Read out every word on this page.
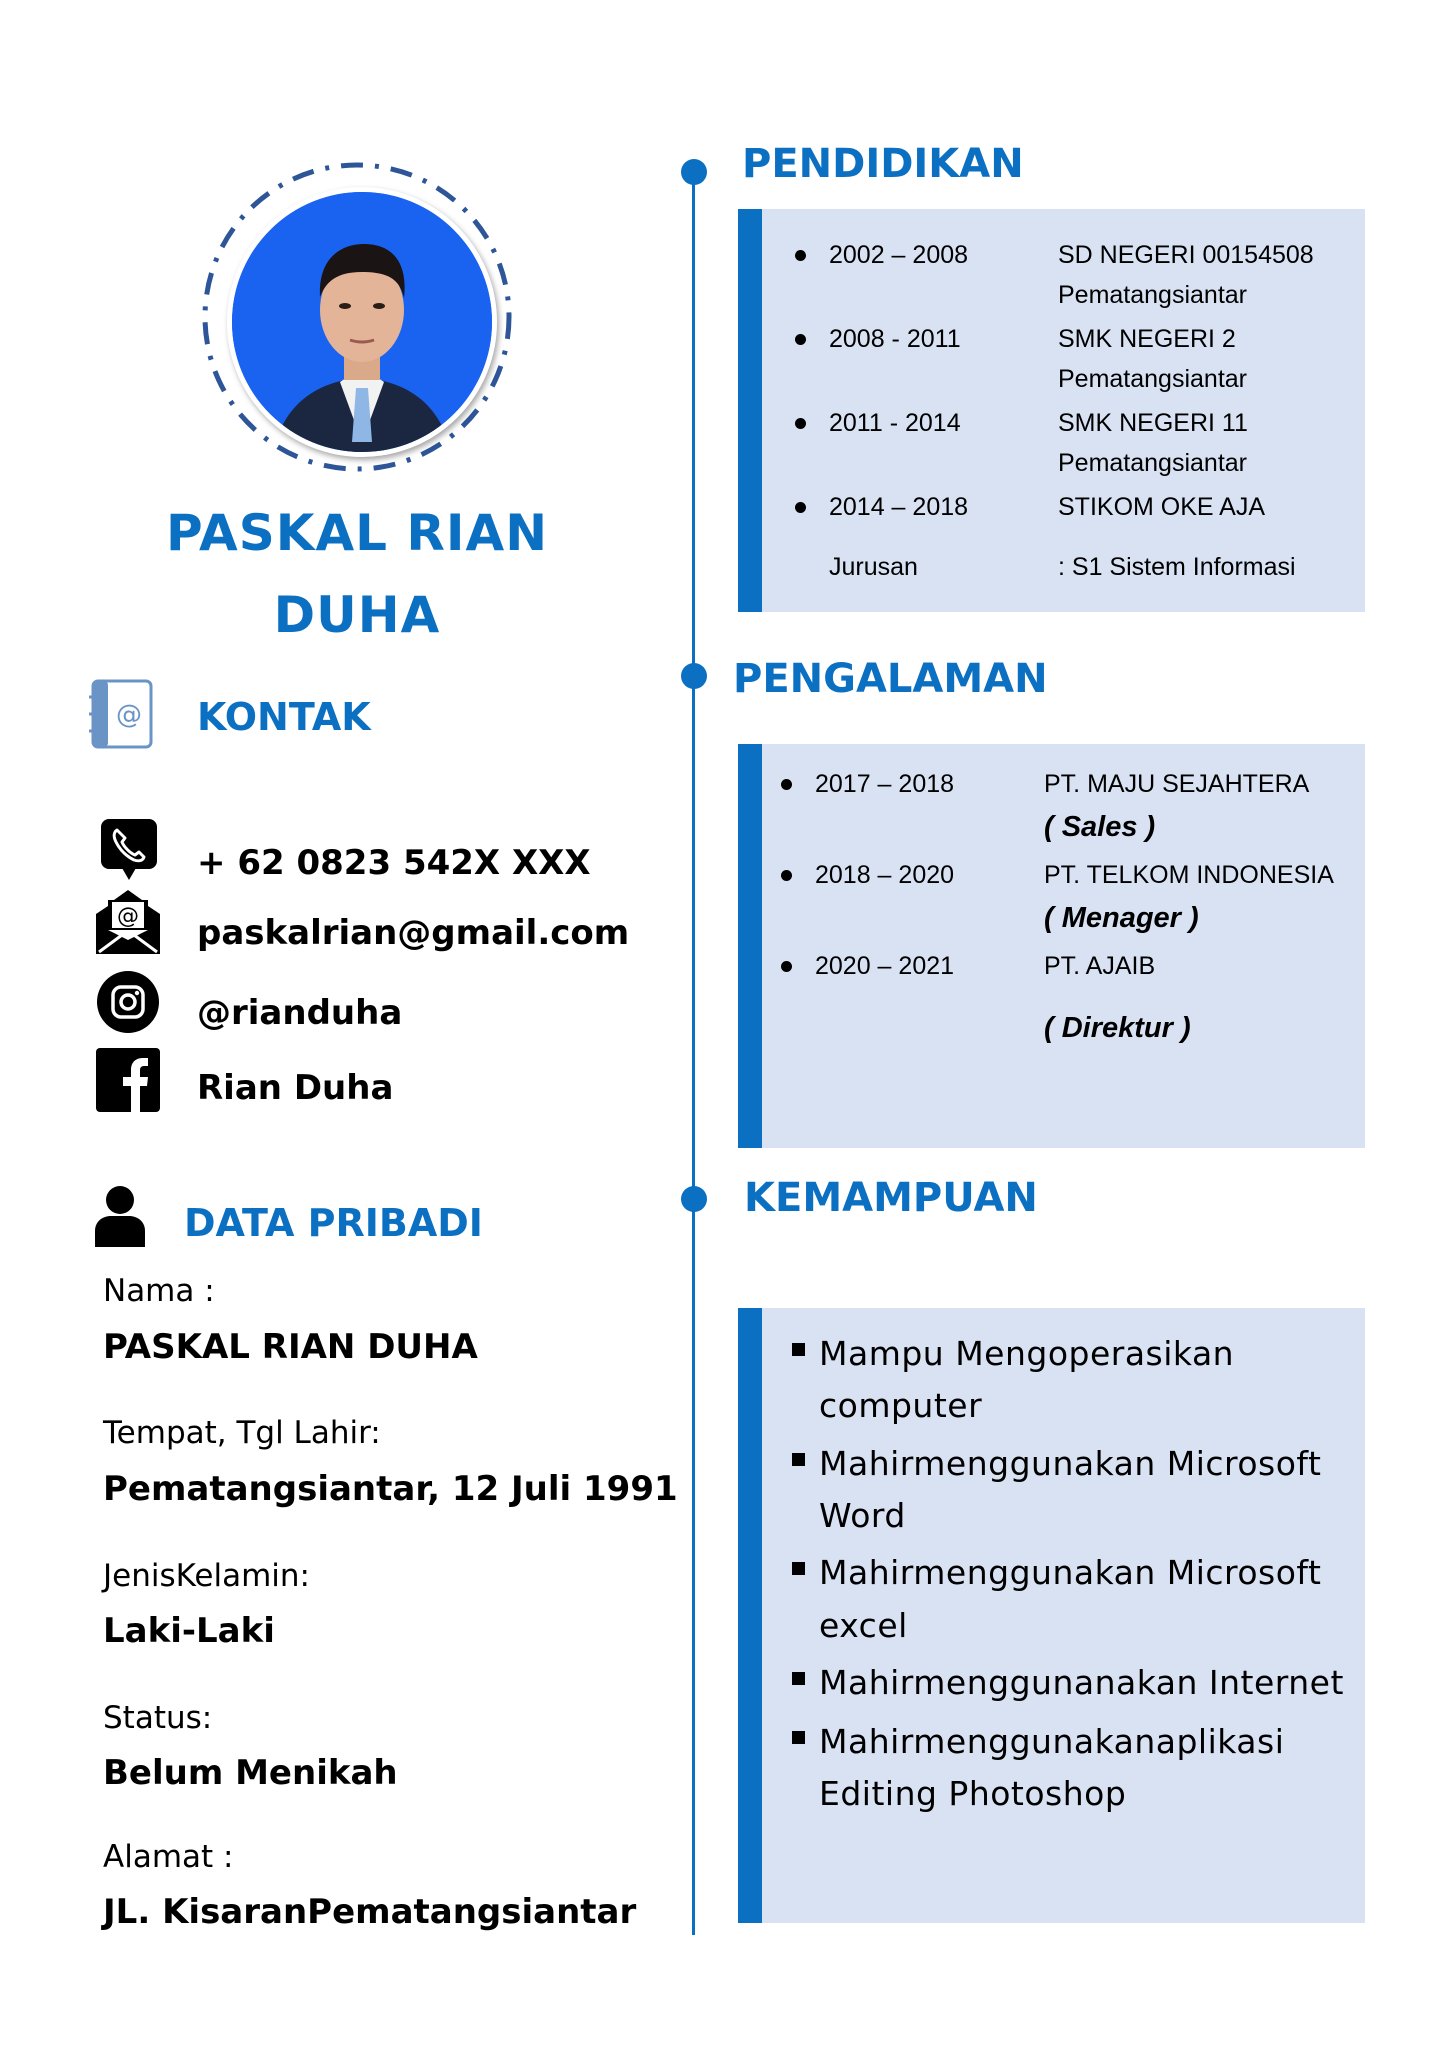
PASKAL RIAN
DUHA
@ KONTAK
+ 62 0823 542X XXX
@ paskalrian@gmail.com
@rianduha
Rian Duha
DATA PRIBADI
Nama :
PASKAL RIAN DUHA
Tempat, Tgl Lahir:
Pematangsiantar, 12 Juli 1991
JenisKelamin:
Laki-Laki
Status:
Belum Menikah
Alamat :
JL. KisaranPematangsiantar
PENDIDIKAN
2002 – 2008	SD NEGERI 00154508
Pematangsiantar
2008 - 2011	SMK NEGERI 2
Pematangsiantar
2011 - 2014	SMK NEGERI 11
Pematangsiantar
2014 – 2018	STIKOM OKE AJA
Jurusan	: S1 Sistem Informasi
PENGALAMAN
2017 – 2018	PT. MAJU SEJAHTERA
( Sales )
2018 – 2020	PT. TELKOM INDONESIA
( Menager )
2020 – 2021	PT. AJAIB
( Direktur )
KEMAMPUAN
Mampu Mengoperasikan
computer
Mahirmenggunakan Microsoft
Word
Mahirmenggunakan Microsoft
excel
Mahirmenggunanakan Internet
Mahirmenggunakanaplikasi
Editing Photoshop
